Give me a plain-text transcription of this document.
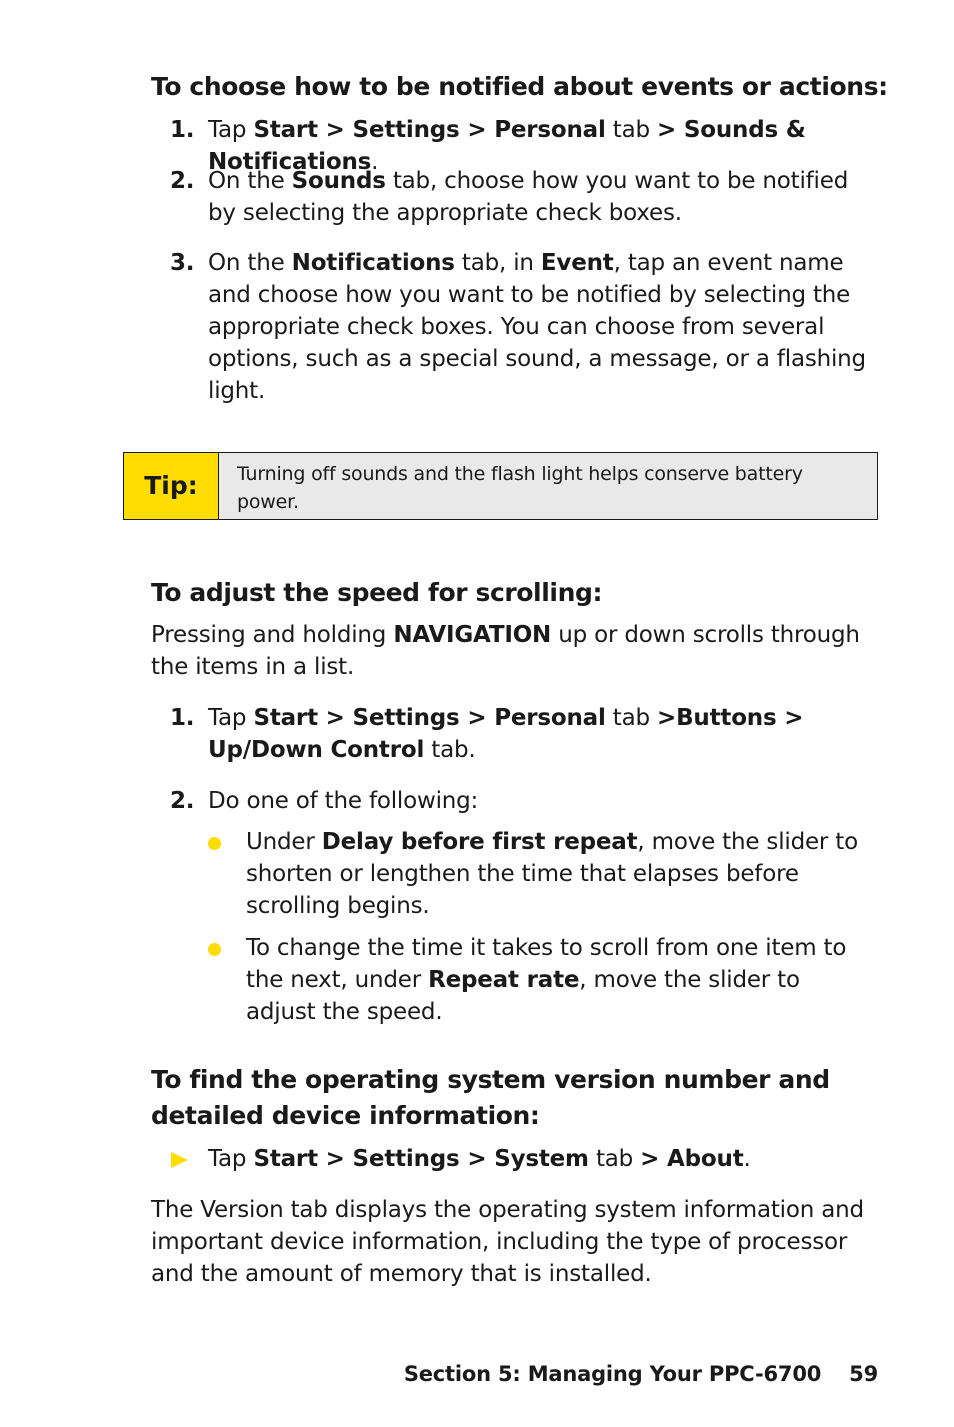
To choose how to be notified about events or actions:
1. Tap Start > Settings > Personal tab > Sounds & Notifications.
2. On the Sounds tab, choose how you want to be notified by selecting the appropriate check boxes.
3. On the Notifications tab, in Event, tap an event name and choose how you want to be notified by selecting the appropriate check boxes. You can choose from several options, such as a special sound, a message, or a flashing light.
Tip:	Turning off sounds and the flash light helps conserve battery power.
To adjust the speed for scrolling:

Pressing and holding NAVIGATION up or down scrolls through the items in a list.

1. Tap Start > Settings > Personal tab >Buttons > Up/Down Control tab.
2. Do one of the following:
Under Delay before first repeat, move the slider to shorten or lengthen the time that elapses before scrolling begins.
To change the time it takes to scroll from one item to the next, under Repeat rate, move the slider to adjust the speed.
To find the operating system version number and
detailed device information:
Tap Start > Settings > System tab > About.

The Version tab displays the operating system information and important device information, including the type of processor and the amount of memory that is installed.

Section 5: Managing Your PPC-6700 59
